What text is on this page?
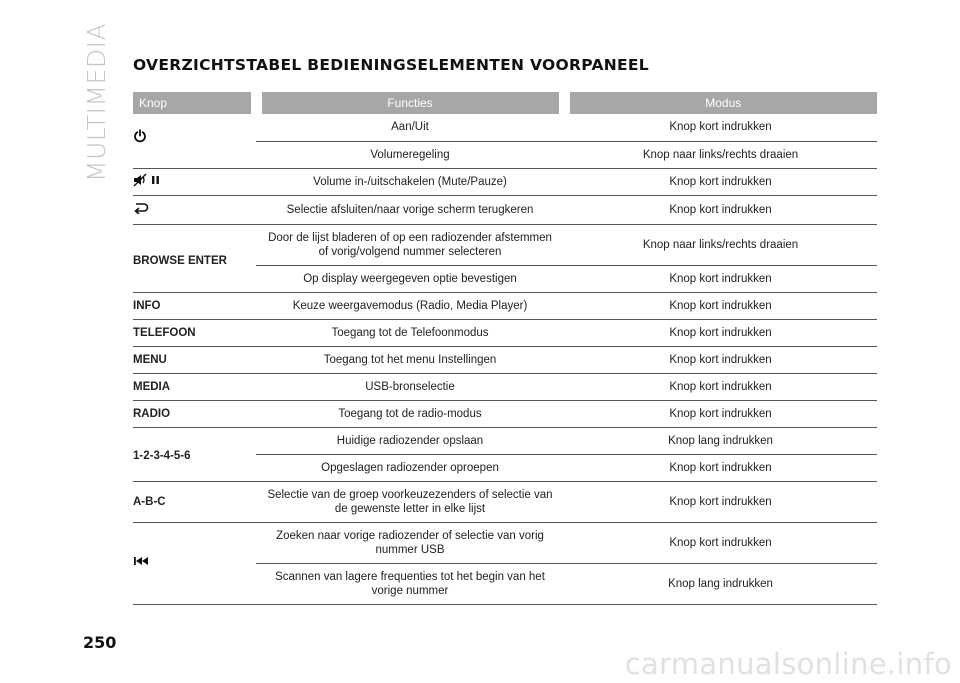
MULTIMEDIA OVERZICHTSTABEL BEDIENINGSELEMENTEN VOORPANEEL
Knop	Functies	Modus
	Aan/Uit	Knop kort indrukken
	Volumeregeling	Knop naar links/rechts draaien
	Volume in-/uitschakelen (Mute/Pauze)	Knop kort indrukken
	Selectie afsluiten/naar vorige scherm terugkeren	Knop kort indrukken
BROWSE ENTER	Door de lijst bladeren of op een radiozender afstemmen of vorig/volgend nummer selecteren	Knop naar links/rechts draaien
	Op display weergegeven optie bevestigen	Knop kort indrukken
INFO	Keuze weergavemodus (Radio, Media Player)	Knop kort indrukken
TELEFOON	Toegang tot de Telefoonmodus	Knop kort indrukken
MENU	Toegang tot het menu Instellingen	Knop kort indrukken
MEDIA	USB-bronselectie	Knop kort indrukken
RADIO	Toegang tot de radio-modus	Knop kort indrukken
1-2-3-4-5-6	Huidige radiozender opslaan	Knop lang indrukken
	Opgeslagen radiozender oproepen	Knop kort indrukken
A-B-C	Selectie van de groep voorkeuzezenders of selectie van de gewenste letter in elke lijst	Knop kort indrukken
	Zoeken naar vorige radiozender of selectie van vorig nummer USB	Knop kort indrukken
	Scannen van lagere frequenties tot het begin van het vorige nummer	Knop lang indrukken
250
carmanualsonline.info
